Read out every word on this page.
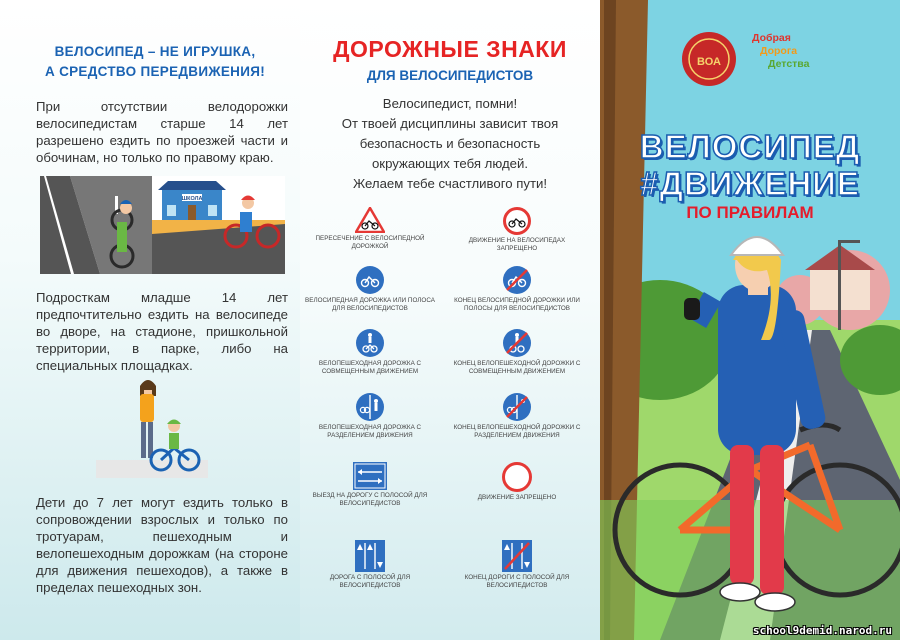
ВЕЛОСИПЕД – НЕ ИГРУШКА,
А СРЕДСТВО ПЕРЕДВИЖЕНИЯ!
При отсутствии велодорожки велосипедистам старше 14 лет разрешено ездить по проезжей части и обочинам, но только по правому краю.
ШКОЛА
Подросткам младше 14 лет предпочтительно ездить на велосипеде во дворе, на стадионе, пришкольной территории, в парке, либо на специальных площадках.
Дети до 7 лет могут ездить только в сопровождении взрослых и только по тротуарам, пешеходным и велопешеходным дорожкам (на стороне для движения пешеходов), а также в пределах пешеходных зон.
ДОРОЖНЫЕ ЗНАКИ
ДЛЯ ВЕЛОСИПЕДИСТОВ
Велосипедист, помни!
От твоей дисциплины зависит твоя
безопасность и безопасность
окружающих тебя людей.
Желаем тебе счастливого пути!
ПЕРЕСЕЧЕНИЕ С ВЕЛОСИПЕДНОЙ ДОРОЖКОЙ
ДВИЖЕНИЕ НА ВЕЛОСИПЕДАХ ЗАПРЕЩЕНО
ВЕЛОСИПЕДНАЯ ДОРОЖКА ИЛИ ПОЛОСА ДЛЯ ВЕЛОСИПЕДИСТОВ
КОНЕЦ ВЕЛОСИПЕДНОЙ ДОРОЖКИ ИЛИ ПОЛОСЫ ДЛЯ ВЕЛОСИПЕДИСТОВ
ВЕЛОПЕШЕХОДНАЯ ДОРОЖКА С СОВМЕЩЕННЫМ ДВИЖЕНИЕМ
КОНЕЦ ВЕЛОПЕШЕХОДНОЙ ДОРОЖКИ С СОВМЕЩЕННЫМ ДВИЖЕНИЕМ
ВЕЛОПЕШЕХОДНАЯ ДОРОЖКА С РАЗДЕЛЕНИЕМ ДВИЖЕНИЯ
КОНЕЦ ВЕЛОПЕШЕХОДНОЙ ДОРОЖКИ С РАЗДЕЛЕНИЕМ ДВИЖЕНИЯ
ВЫЕЗД НА ДОРОГУ С ПОЛОСОЙ ДЛЯ ВЕЛОСИПЕДИСТОВ
ДВИЖЕНИЕ ЗАПРЕЩЕНО
ДОРОГА С ПОЛОСОЙ ДЛЯ ВЕЛОСИПЕДИСТОВ
КОНЕЦ ДОРОГИ С ПОЛОСОЙ ДЛЯ ВЕЛОСИПЕДИСТОВ
ВОА
Добрая
Дорога
Детства
ВЕЛОСИПЕД
#ДВИЖЕНИЕ
ПО ПРАВИЛАМ
school9demid.narod.ru
